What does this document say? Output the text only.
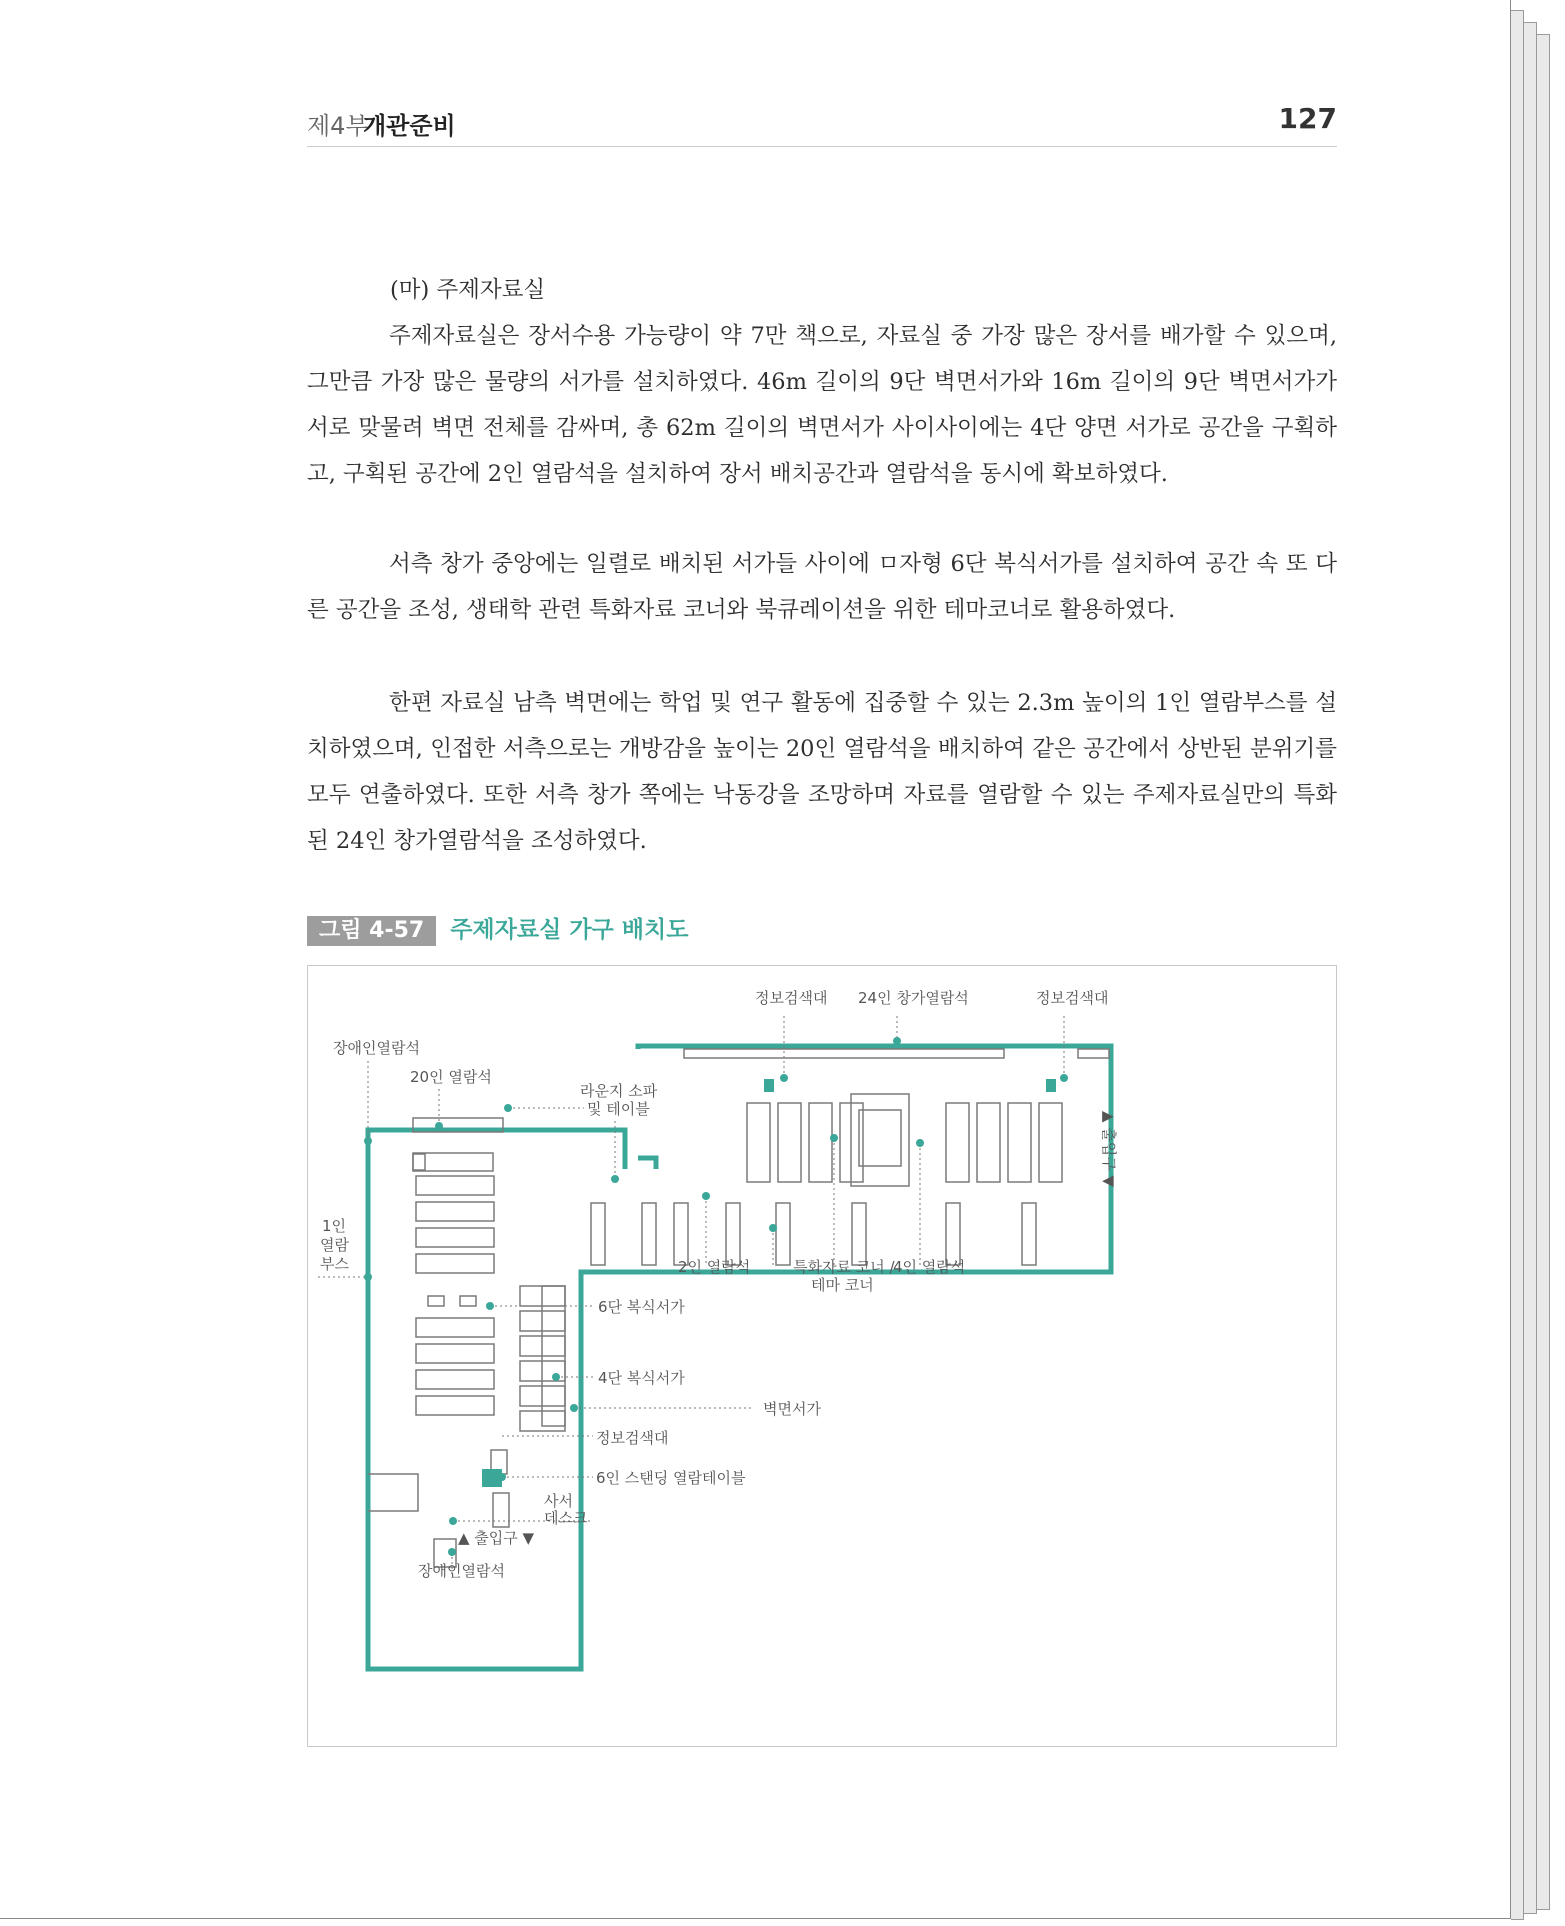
제4부
개관준비	127
(마) 주제자료실

주제자료실은 장서수용 가능량이 약 7만 책으로, 자료실 중 가장 많은 장서를 배가할 수 있으며, 그만큼 가장 많은 물량의 서가를 설치하였다. 46m 길이의 9단 벽면서가와 16m 길이의 9단 벽면서가가 서로 맞물려 벽면 전체를 감싸며, 총 62m 길이의 벽면서가 사이사이에는 4단 양면 서가로 공간을 구획하고, 구획된 공간에 2인 열람석을 설치하여 장서 배치공간과 열람석을 동시에 확보하였다.

서측 창가 중앙에는 일렬로 배치된 서가들 사이에 ㅁ자형 6단 복식서가를 설치하여 공간 속 또 다른 공간을 조성, 생태학 관련 특화자료 코너와 북큐레이션을 위한 테마코너로 활용하였다.

한편 자료실 남측 벽면에는 학업 및 연구 활동에 집중할 수 있는 2.3m 높이의 1인 열람부스를 설치하였으며, 인접한 서측으로는 개방감을 높이는 20인 열람석을 배치하여 같은 공간에서 상반된 분위기를 모두 연출하였다. 또한 서측 창가 쪽에는 낙동강을 조망하며 자료를 열람할 수 있는 주제자료실만의 특화된 24인 창가열람석을 조성하였다.

그림 4-57 주제자료실 가구 배치도
정보검색대 24인 창가열람석	정보검색대
장애인열람석
20인 열람석
라운지 소파
및 테이블
1인
열람
부스	2인 열람석	특화자료 코너 /
테마 코너
4인 열람석
6단 복식서가
4단 복식서가
벽면서가
정보검색대
6인 스탠딩 열람테이블
사서
데스크
▲ 출입구 ▼
▲ 출입구 ▼
장애인열람석
